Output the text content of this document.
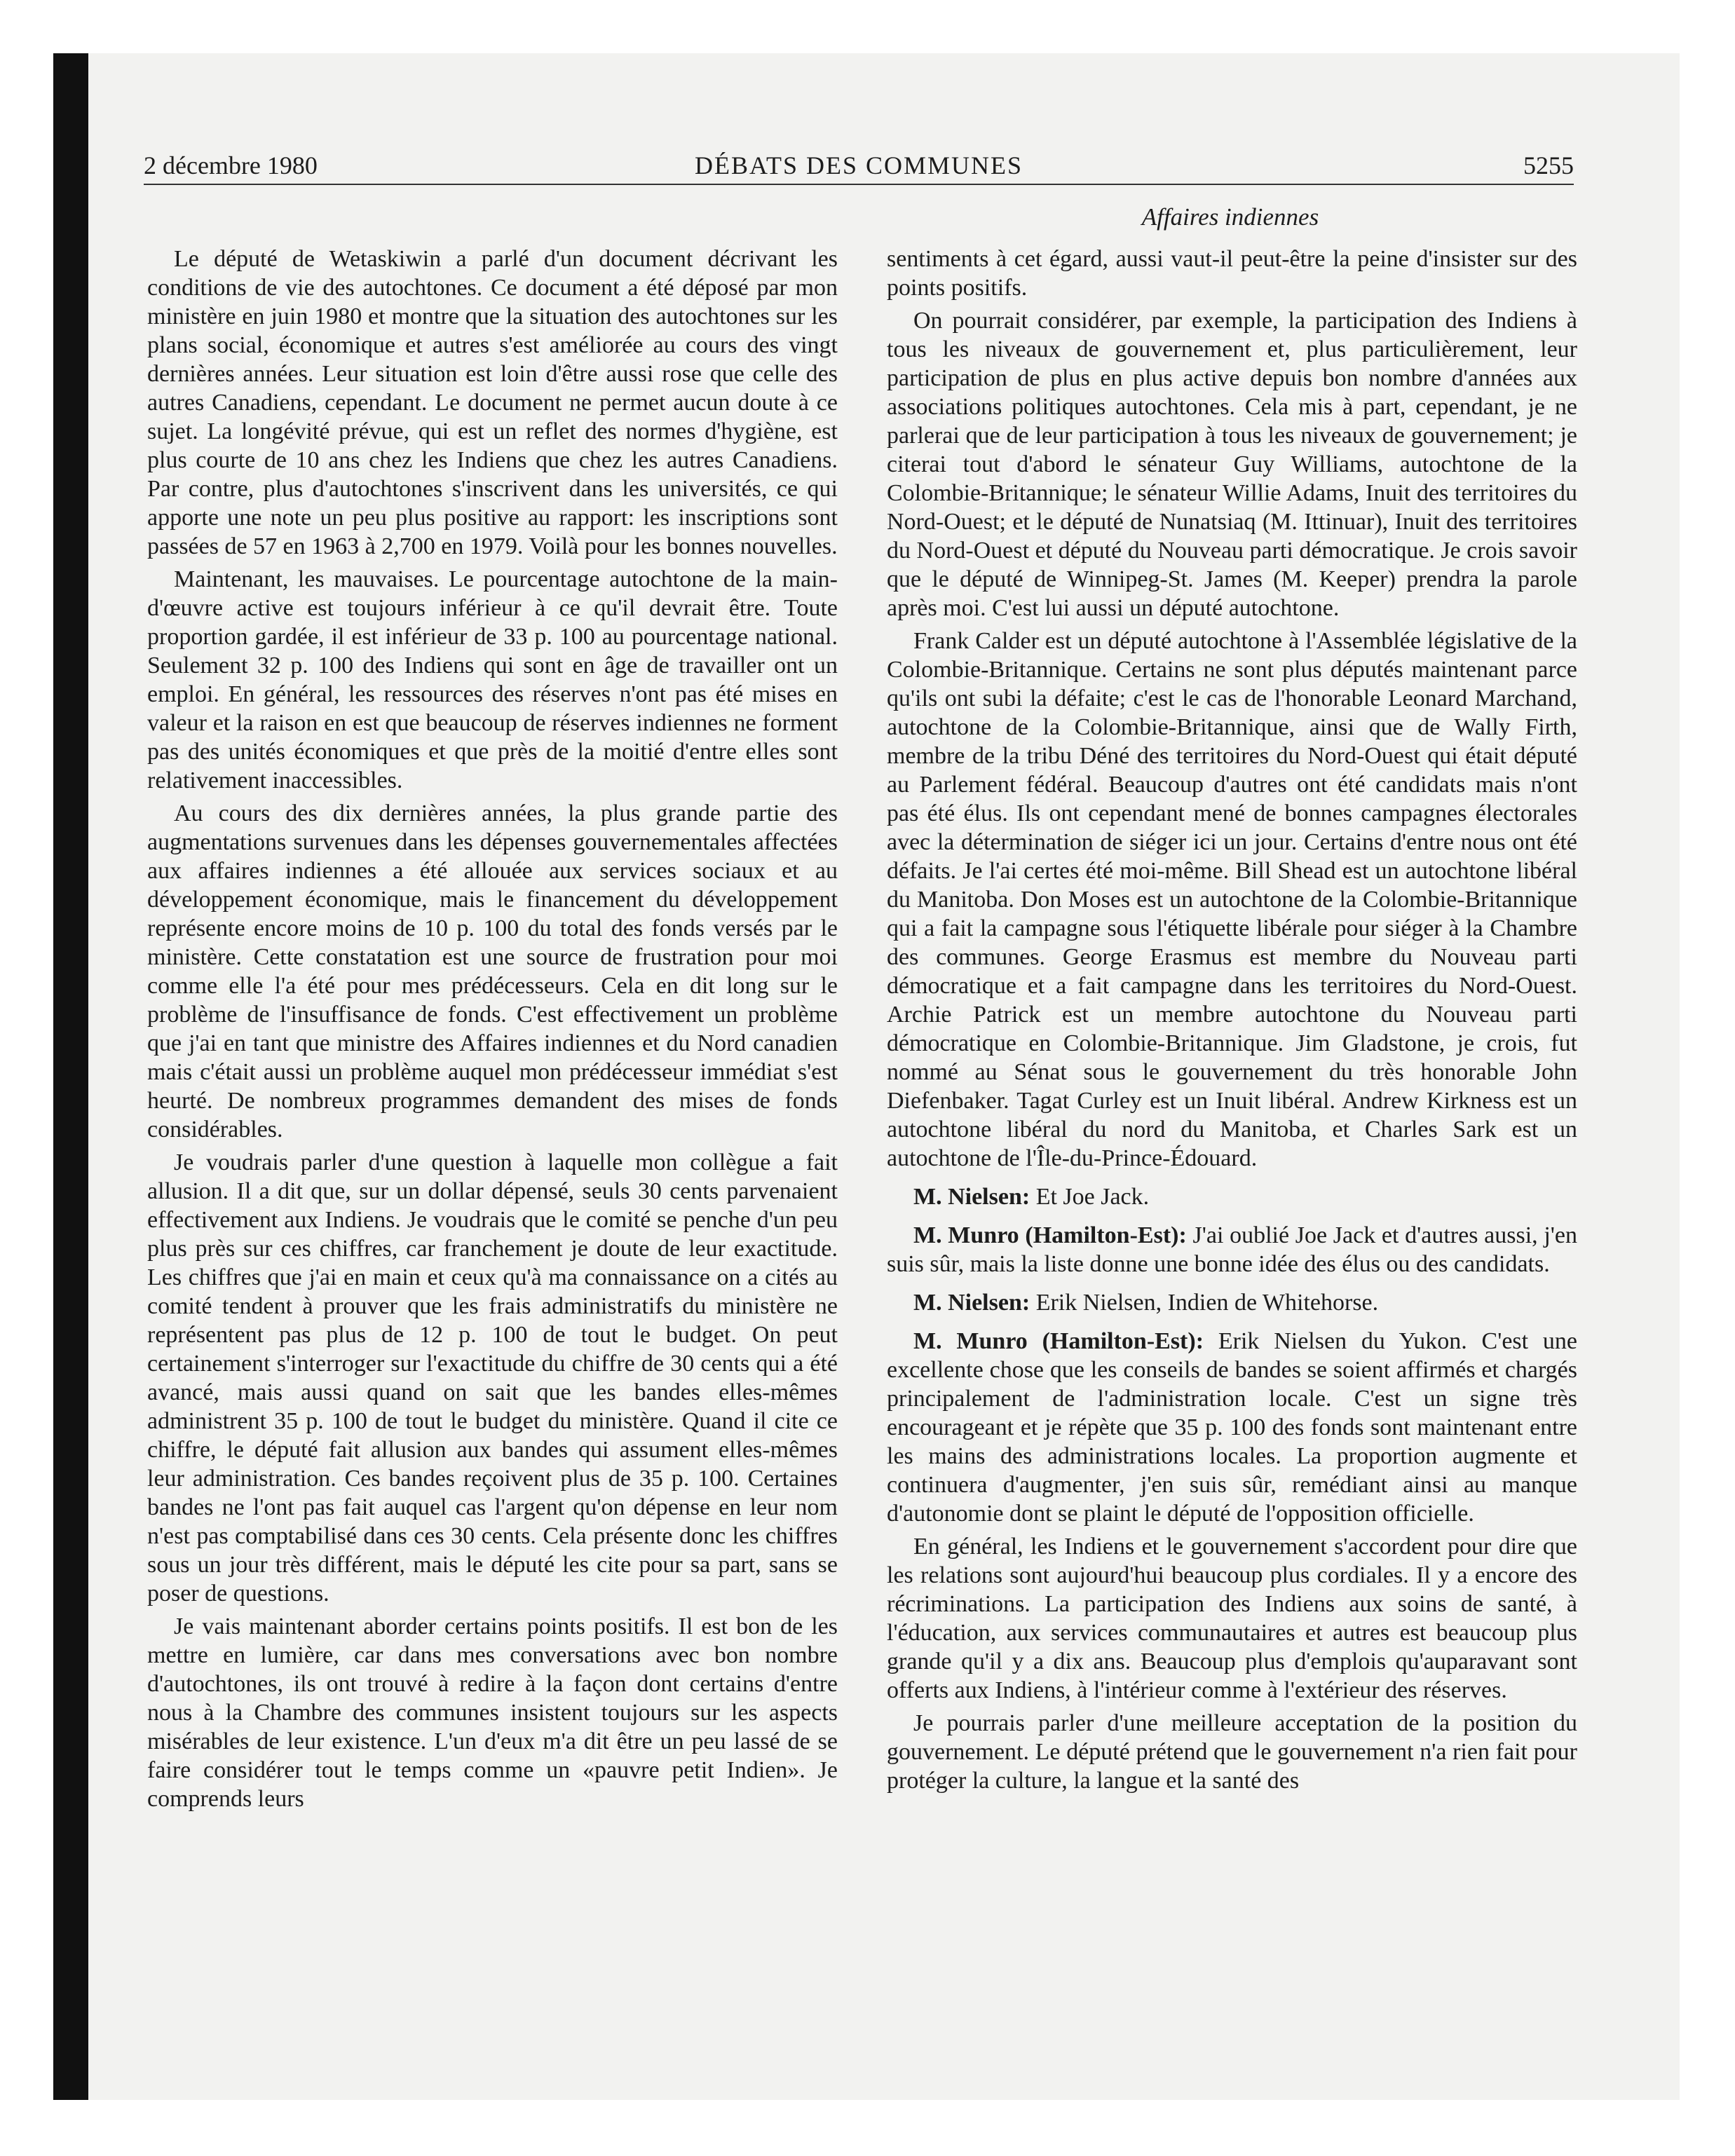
2 décembre 1980	DÉBATS DES COMMUNES	5255
Affaires indiennes

Le député de Wetaskiwin a parlé d'un document décrivant les conditions de vie des autochtones. Ce document a été déposé par mon ministère en juin 1980 et montre que la situation des autochtones sur les plans social, économique et autres s'est améliorée au cours des vingt dernières années. Leur situation est loin d'être aussi rose que celle des autres Canadiens, cependant. Le document ne permet aucun doute à ce sujet. La longévité prévue, qui est un reflet des normes d'hygiène, est plus courte de 10 ans chez les Indiens que chez les autres Canadiens. Par contre, plus d'autochtones s'inscrivent dans les universités, ce qui apporte une note un peu plus positive au rapport: les inscriptions sont passées de 57 en 1963 à 2,700 en 1979. Voilà pour les bonnes nouvelles.

Maintenant, les mauvaises. Le pourcentage autochtone de la main-d'œuvre active est toujours inférieur à ce qu'il devrait être. Toute proportion gardée, il est inférieur de 33 p. 100 au pourcentage national. Seulement 32 p. 100 des Indiens qui sont en âge de travailler ont un emploi. En général, les ressources des réserves n'ont pas été mises en valeur et la raison en est que beaucoup de réserves indiennes ne forment pas des unités économiques et que près de la moitié d'entre elles sont relativement inaccessibles.

Au cours des dix dernières années, la plus grande partie des augmentations survenues dans les dépenses gouvernementales affectées aux affaires indiennes a été allouée aux services sociaux et au développement économique, mais le financement du développement représente encore moins de 10 p. 100 du total des fonds versés par le ministère. Cette constatation est une source de frustration pour moi comme elle l'a été pour mes prédécesseurs. Cela en dit long sur le problème de l'insuffisance de fonds. C'est effectivement un problème que j'ai en tant que ministre des Affaires indiennes et du Nord canadien mais c'était aussi un problème auquel mon prédécesseur immédiat s'est heurté. De nombreux programmes demandent des mises de fonds considérables.

Je voudrais parler d'une question à laquelle mon collègue a fait allusion. Il a dit que, sur un dollar dépensé, seuls 30 cents parvenaient effectivement aux Indiens. Je voudrais que le comité se penche d'un peu plus près sur ces chiffres, car franchement je doute de leur exactitude. Les chiffres que j'ai en main et ceux qu'à ma connaissance on a cités au comité tendent à prouver que les frais administratifs du ministère ne représentent pas plus de 12 p. 100 de tout le budget. On peut certainement s'interroger sur l'exactitude du chiffre de 30 cents qui a été avancé, mais aussi quand on sait que les bandes elles-mêmes administrent 35 p. 100 de tout le budget du ministère. Quand il cite ce chiffre, le député fait allusion aux bandes qui assument elles-mêmes leur administration. Ces bandes reçoivent plus de 35 p. 100. Certaines bandes ne l'ont pas fait auquel cas l'argent qu'on dépense en leur nom n'est pas comptabilisé dans ces 30 cents. Cela présente donc les chiffres sous un jour très différent, mais le député les cite pour sa part, sans se poser de questions.

Je vais maintenant aborder certains points positifs. Il est bon de les mettre en lumière, car dans mes conversations avec bon nombre d'autochtones, ils ont trouvé à redire à la façon dont certains d'entre nous à la Chambre des communes insistent toujours sur les aspects misérables de leur existence. L'un d'eux m'a dit être un peu lassé de se faire considérer tout le temps comme un «pauvre petit Indien». Je comprends leurs

sentiments à cet égard, aussi vaut-il peut-être la peine d'insister sur des points positifs.

On pourrait considérer, par exemple, la participation des Indiens à tous les niveaux de gouvernement et, plus particulièrement, leur participation de plus en plus active depuis bon nombre d'années aux associations politiques autochtones. Cela mis à part, cependant, je ne parlerai que de leur participation à tous les niveaux de gouvernement; je citerai tout d'abord le sénateur Guy Williams, autochtone de la Colombie-Britannique; le sénateur Willie Adams, Inuit des territoires du Nord-Ouest; et le député de Nunatsiaq (M. Ittinuar), Inuit des territoires du Nord-Ouest et député du Nouveau parti démocratique. Je crois savoir que le député de Winnipeg-St. James (M. Keeper) prendra la parole après moi. C'est lui aussi un député autochtone.

Frank Calder est un député autochtone à l'Assemblée législative de la Colombie-Britannique. Certains ne sont plus députés maintenant parce qu'ils ont subi la défaite; c'est le cas de l'honorable Leonard Marchand, autochtone de la Colombie-Britannique, ainsi que de Wally Firth, membre de la tribu Déné des territoires du Nord-Ouest qui était député au Parlement fédéral. Beaucoup d'autres ont été candidats mais n'ont pas été élus. Ils ont cependant mené de bonnes campagnes électorales avec la détermination de siéger ici un jour. Certains d'entre nous ont été défaits. Je l'ai certes été moi-même. Bill Shead est un autochtone libéral du Manitoba. Don Moses est un autochtone de la Colombie-Britannique qui a fait la campagne sous l'étiquette libérale pour siéger à la Chambre des communes. George Erasmus est membre du Nouveau parti démocratique et a fait campagne dans les territoires du Nord-Ouest. Archie Patrick est un membre autochtone du Nouveau parti démocratique en Colombie-Britannique. Jim Gladstone, je crois, fut nommé au Sénat sous le gouvernement du très honorable John Diefenbaker. Tagat Curley est un Inuit libéral. Andrew Kirkness est un autochtone libéral du nord du Manitoba, et Charles Sark est un autochtone de l'Île-du-Prince-Édouard.

M. Nielsen: Et Joe Jack.

M. Munro (Hamilton-Est): J'ai oublié Joe Jack et d'autres aussi, j'en suis sûr, mais la liste donne une bonne idée des élus ou des candidats.

M. Nielsen: Erik Nielsen, Indien de Whitehorse.

M. Munro (Hamilton-Est): Erik Nielsen du Yukon. C'est une excellente chose que les conseils de bandes se soient affirmés et chargés principalement de l'administration locale. C'est un signe très encourageant et je répète que 35 p. 100 des fonds sont maintenant entre les mains des administrations locales. La proportion augmente et continuera d'augmenter, j'en suis sûr, remédiant ainsi au manque d'autonomie dont se plaint le député de l'opposition officielle.

En général, les Indiens et le gouvernement s'accordent pour dire que les relations sont aujourd'hui beaucoup plus cordiales. Il y a encore des récriminations. La participation des Indiens aux soins de santé, à l'éducation, aux services communautaires et autres est beaucoup plus grande qu'il y a dix ans. Beaucoup plus d'emplois qu'auparavant sont offerts aux Indiens, à l'intérieur comme à l'extérieur des réserves.

Je pourrais parler d'une meilleure acceptation de la position du gouvernement. Le député prétend que le gouvernement n'a rien fait pour protéger la culture, la langue et la santé des
